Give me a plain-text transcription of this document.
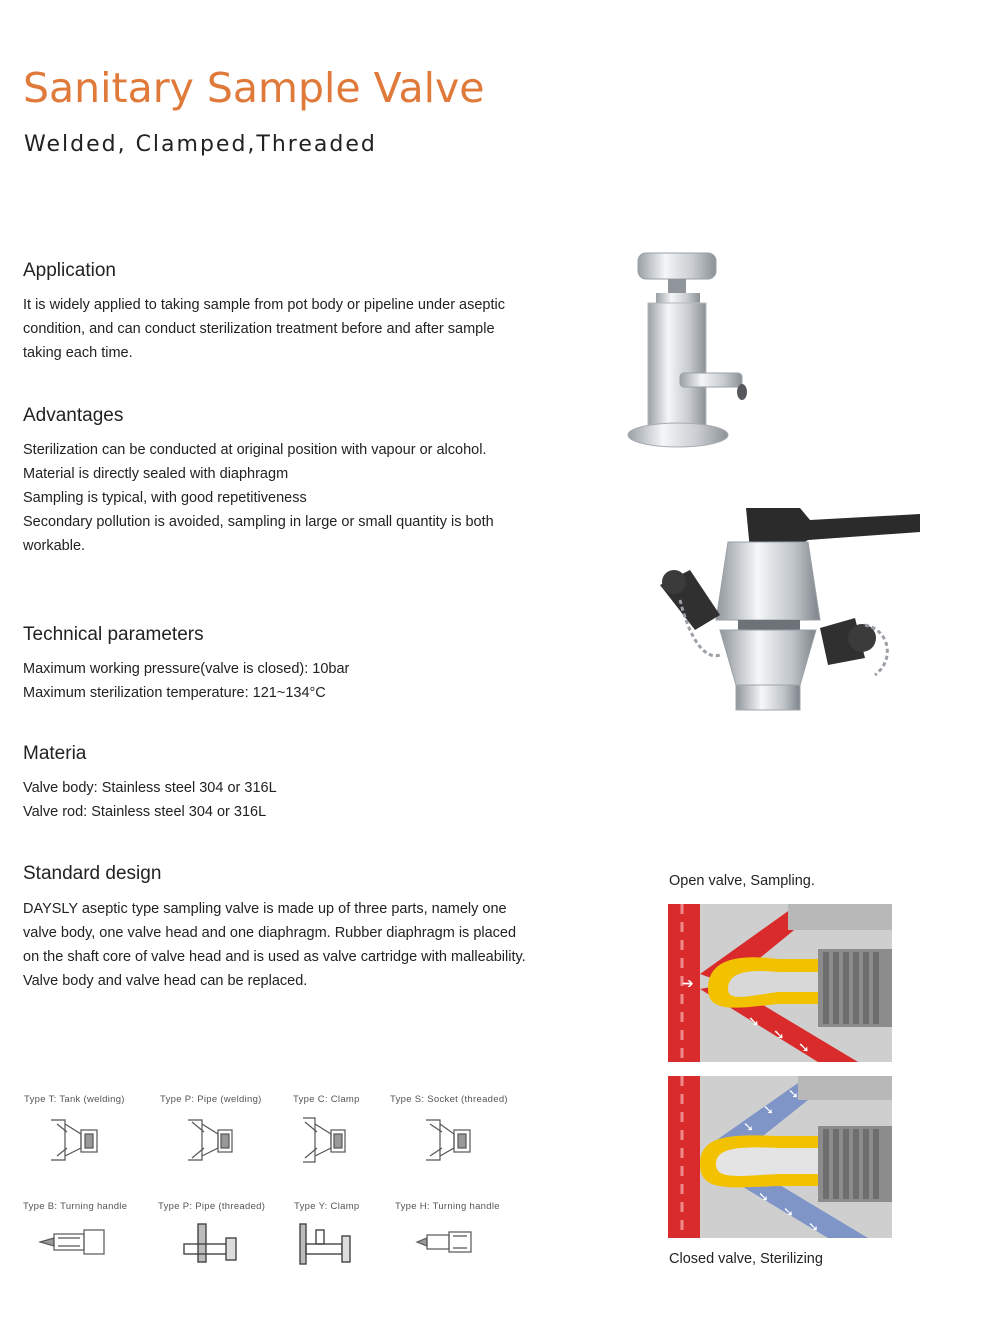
Sanitary Sample Valve
Welded, Clamped,Threaded
Application
It is widely applied to taking sample from pot body or pipeline under aseptic
condition, and can conduct sterilization treatment before and after sample
taking each time.
Advantages
Sterilization can be conducted at original position with vapour or alcohol.
Material is directly sealed with diaphragm
Sampling is typical, with good repetitiveness
Secondary pollution is avoided, sampling in large or small quantity is both
workable.
Technical parameters
Maximum working pressure(valve is closed): 10bar
Maximum sterilization temperature: 121~134°C
Materia
Valve body: Stainless steel 304 or 316L
Valve rod: Stainless steel 304 or 316L
Standard design
DAYSLY aseptic type sampling valve is made up of three parts, namely one
valve body, one valve head and one diaphragm. Rubber diaphragm is placed
on the shaft core of valve head and is used as valve cartridge with malleability.
Valve body and valve head can be replaced.
Open valve, Sampling.
➔
➘
➘
➘
➘
➘
➘
➘
➘
➘
Closed valve, Sterilizing
Type T: Tank (welding)	Type P: Pipe (welding)	Type C: Clamp	Type S: Socket (threaded)
Type B: Turning handle	Type P: Pipe (threaded)	Type Y: Clamp	Type H: Turning handle
